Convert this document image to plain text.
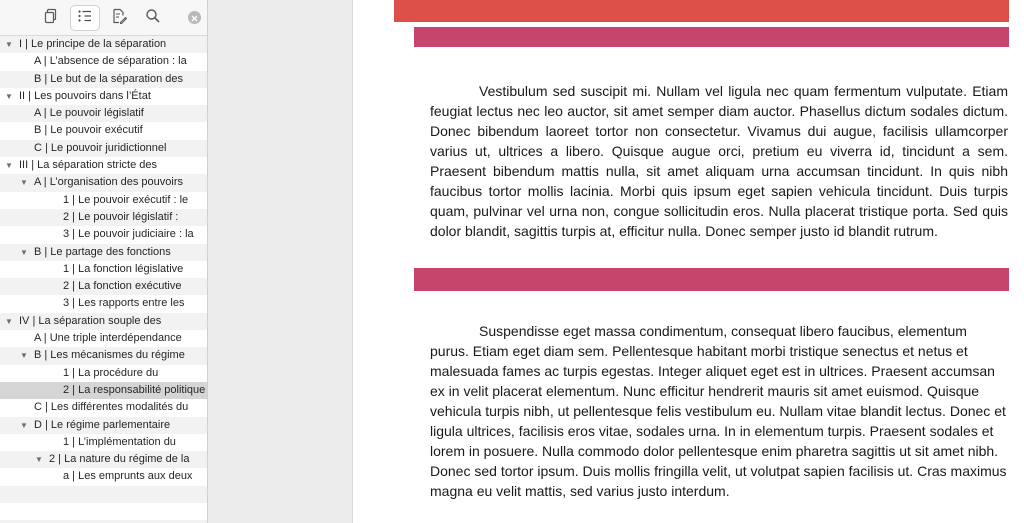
▼ I | Le principe de la séparation
A | L’absence de séparation : la
B | Le but de la séparation des
▼ II | Les pouvoirs dans l’État
A | Le pouvoir législatif
B | Le pouvoir exécutif
C | Le pouvoir juridictionnel
▼ III | La séparation stricte des
▼ A | L’organisation des pouvoirs
1 | Le pouvoir exécutif : le
2 | Le pouvoir législatif :
3 | Le pouvoir judiciaire : la
▼ B | Le partage des fonctions
1 | La fonction législative
2 | La fonction exécutive
3 | Les rapports entre les
▼ IV | La séparation souple des
A | Une triple interdépendance
▼ B | Les mécanismes du régime
1 | La procédure du
2 | La responsabilité politique
C | Les différentes modalités du
▼ D | Le régime parlementaire
1 | L’implémentation du
▼ 2 | La nature du régime de la
a | Les emprunts aux deux
Vestibulum sed suscipit mi. Nullam vel ligula nec quam fermentum vulputate. Etiam feugiat lectus nec leo auctor, sit amet semper diam auctor. Phasellus dictum sodales dictum. Donec bibendum laoreet tortor non consectetur. Vivamus dui augue, facilisis ullamcorper varius ut, ultrices a libero. Quisque augue orci, pretium eu viverra id, tincidunt a sem. Praesent bibendum mattis nulla, sit amet aliquam urna accumsan tincidunt. In quis nibh faucibus tortor mollis lacinia. Morbi quis ipsum eget sapien vehicula tincidunt. Duis turpis quam, pulvinar vel urna non, congue sollicitudin eros. Nulla placerat tristique porta. Sed quis dolor blandit, sagittis turpis at, efficitur nulla. Donec semper justo id blandit rutrum.
Suspendisse eget massa condimentum, consequat libero faucibus, elementum purus. Etiam eget diam sem. Pellentesque habitant morbi tristique senectus et netus et malesuada fames ac turpis egestas. Integer aliquet eget est in ultrices. Praesent accumsan ex in velit placerat elementum. Nunc efficitur hendrerit mauris sit amet euismod. Quisque vehicula turpis nibh, ut pellentesque felis vestibulum eu. Nullam vitae blandit lectus. Donec et ligula ultrices, facilisis eros vitae, sodales urna. In in elementum turpis. Praesent sodales et lorem in posuere. Nulla commodo dolor pellentesque enim pharetra sagittis ut sit amet nibh. Donec sed tortor ipsum. Duis mollis fringilla velit, ut volutpat sapien facilisis ut. Cras maximus magna eu velit mattis, sed varius justo interdum.
